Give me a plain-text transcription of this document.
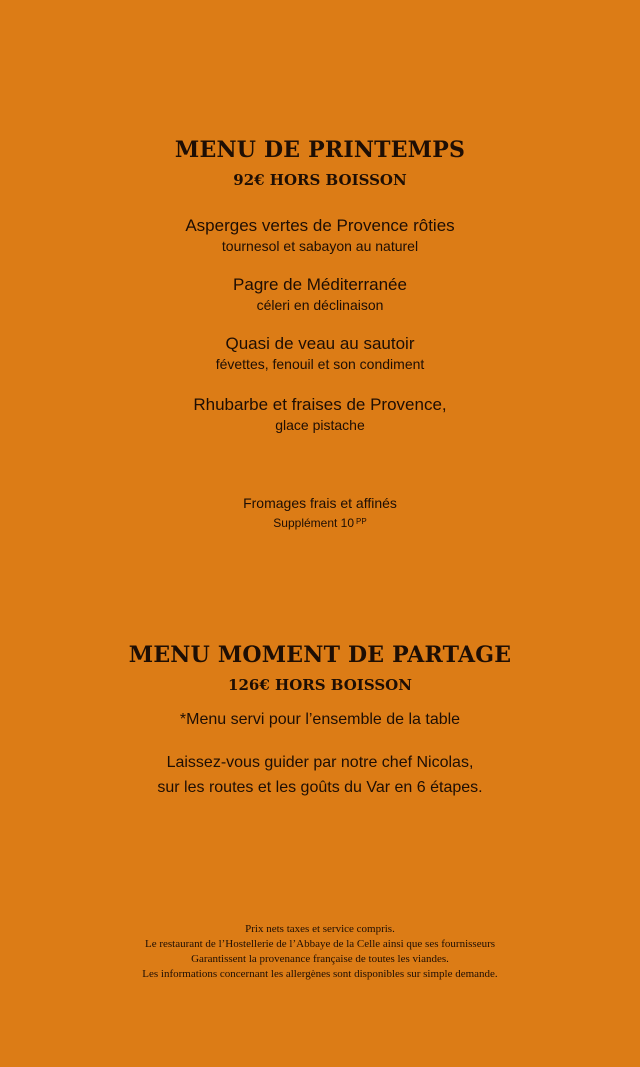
MENU DE PRINTEMPS
92€ HORS BOISSON
Asperges vertes de Provence rôties
tournesol et sabayon au naturel
Pagre de Méditerranée
céleri en déclinaison
Quasi de veau au sautoir
févettes, fenouil et son condiment
Rhubarbe et fraises de Provence,
glace pistache
Fromages frais et affinés
Supplément 10 $^{PP}$
MENU MOMENT DE PARTAGE
126€ HORS BOISSON
*Menu servi pour l’ensemble de la table
Laissez-vous guider par notre chef Nicolas,
sur les routes et les goûts du Var en 6 étapes.
Prix nets taxes et service compris.
Le restaurant de l’Hostellerie de l’Abbaye de la Celle ainsi que ses fournisseurs
Garantissent la provenance française de toutes les viandes.
Les informations concernant les allergènes sont disponibles sur simple demande.
